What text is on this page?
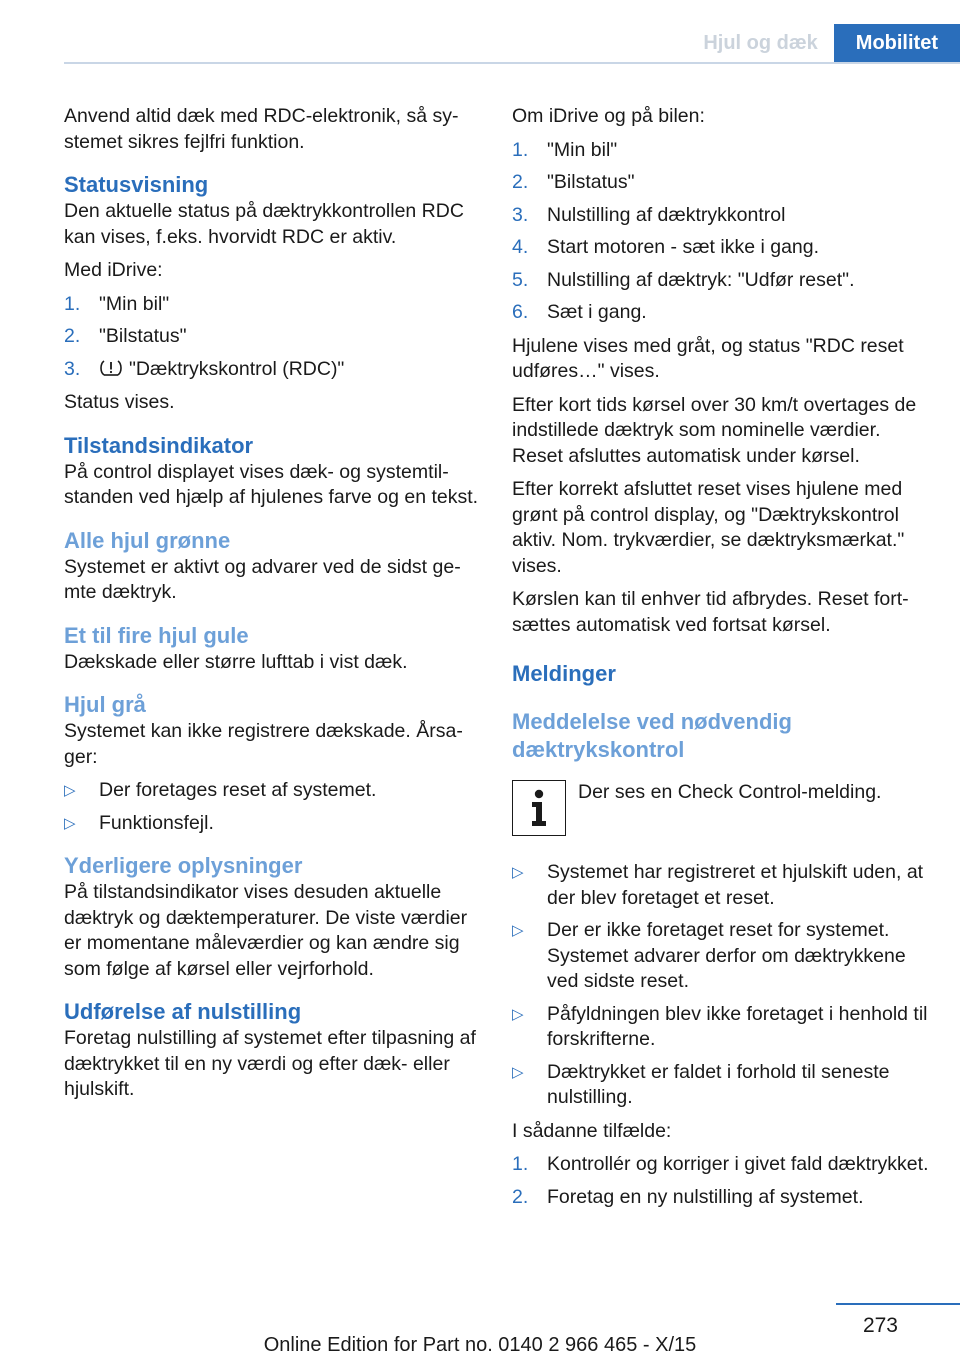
Hjul og dæk	Mobilitet

Anvend altid dæk med RDC-elektronik, så systemet sikres fejlfri funktion.

Statusvisning

Den aktuelle status på dæktrykkontrollen RDC kan vises, f.eks. hvorvidt RDC er aktiv.

Med iDrive:

1. "Min bil"
2. "Bilstatus"
3. "Dæktrykskontrol (RDC)"

Status vises.

Tilstandsindikator

På control displayet vises dæk- og systemtilstanden ved hjælp af hjulenes farve og en tekst.

Alle hjul grønne

Systemet er aktivt og advarer ved de sidst gemte dæktryk.

Et til fire hjul gule

Dækskade eller større lufttab i vist dæk.

Hjul grå

Systemet kan ikke registrere dækskade. Årsager:

▷ Der foretages reset af systemet.
▷ Funktionsfejl.
Yderligere oplysninger

På tilstandsindikator vises desuden aktuelle dæktryk og dæktemperaturer. De viste værdier er momentane måleværdier og kan ændre sig som følge af kørsel eller vejrforhold.

Udførelse af nulstilling

Foretag nulstilling af systemet efter tilpasning af dæktrykket til en ny værdi og efter dæk- eller hjulskift.

Om iDrive og på bilen:

1. "Min bil"
2. "Bilstatus"
3. Nulstilling af dæktrykkontrol
4. Start motoren - sæt ikke i gang.
5. Nulstilling af dæktryk: "Udfør reset".
6. Sæt i gang.

Hjulene vises med gråt, og status "RDC reset udføres…" vises.

Efter kort tids kørsel over 30 km/t overtages de indstillede dæktryk som nominelle værdier. Reset afsluttes automatisk under kørsel.

Efter korrekt afsluttet reset vises hjulene med grønt på control display, og "Dæktrykskontrol aktiv. Nom. trykværdier, se dæktryksmærkat." vises.

Kørslen kan til enhver tid afbrydes. Reset fortsættes automatisk ved fortsat kørsel.

Meldinger
Meddelelse ved nødvendig dæktrykskontrol
Der ses en Check Control-melding.
▷ Systemet har registreret et hjulskift uden, at der blev foretaget et reset.
▷ Der er ikke foretaget reset for systemet. Systemet advarer derfor om dæktrykkene ved sidste reset.
▷ Påfyldningen blev ikke foretaget i henhold til forskrifterne.
▷ Dæktrykket er faldet i forhold til seneste nulstilling.

I sådanne tilfælde:

1. Kontrollér og korriger i givet fald dæktrykket.
2. Foretag en ny nulstilling af systemet.
273
Online Edition for Part no. 0140 2 966 465 - X/15
